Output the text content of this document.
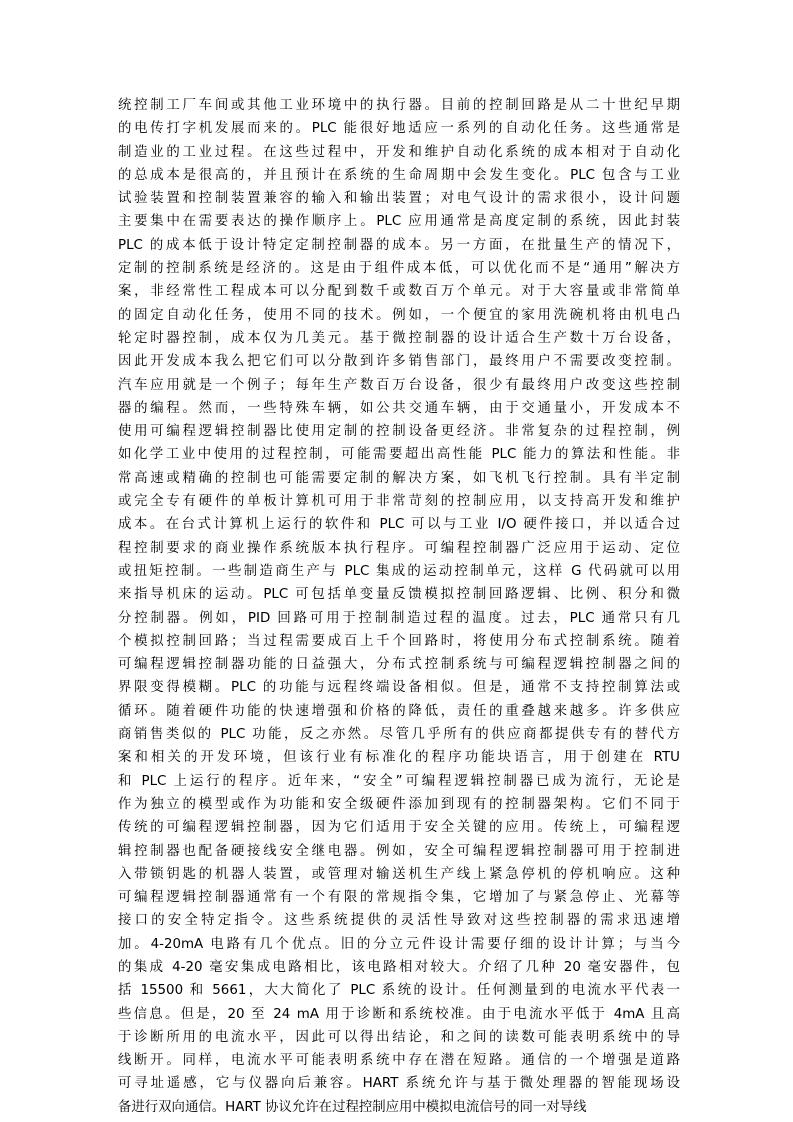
统控制工厂车间或其他工业环境中的执行器。目前的控制回路是从二十世纪早期
的电传打字机发展而来的。PLC 能很好地适应一系列的自动化任务。这些通常是
制造业的工业过程。在这些过程中，开发和维护自动化系统的成本相对于自动化
的总成本是很高的，并且预计在系统的生命周期中会发生变化。PLC 包含与工业
试验装置和控制装置兼容的输入和输出装置；对电气设计的需求很小，设计问题
主要集中在需要表达的操作顺序上。PLC 应用通常是高度定制的系统，因此封装
PLC 的成本低于设计特定定制控制器的成本。另一方面，在批量生产的情况下，
定制的控制系统是经济的。这是由于组件成本低，可以优化而不是“通用”解决方
案，非经常性工程成本可以分配到数千或数百万个单元。对于大容量或非常简单
的固定自动化任务，使用不同的技术。例如，一个便宜的家用洗碗机将由机电凸
轮定时器控制，成本仅为几美元。基于微控制器的设计适合生产数十万台设备，
因此开发成本我么把它们可以分散到许多销售部门，最终用户不需要改变控制。
汽车应用就是一个例子；每年生产数百万台设备，很少有最终用户改变这些控制
器的编程。然而，一些特殊车辆，如公共交通车辆，由于交通量小，开发成本不
使用可编程逻辑控制器比使用定制的控制设备更经济。非常复杂的过程控制，例
如化学工业中使用的过程控制，可能需要超出高性能 PLC 能力的算法和性能。非
常高速或精确的控制也可能需要定制的解决方案，如飞机飞行控制。具有半定制
或完全专有硬件的单板计算机可用于非常苛刻的控制应用，以支持高开发和维护
成本。在台式计算机上运行的软件和 PLC 可以与工业 I/O 硬件接口，并以适合过
程控制要求的商业操作系统版本执行程序。可编程控制器广泛应用于运动、定位
或扭矩控制。一些制造商生产与 PLC 集成的运动控制单元，这样 G 代码就可以用
来指导机床的运动。PLC 可包括单变量反馈模拟控制回路逻辑、比例、积分和微
分控制器。例如，PID 回路可用于控制制造过程的温度。过去，PLC 通常只有几
个模拟控制回路；当过程需要成百上千个回路时，将使用分布式控制系统。随着
可编程逻辑控制器功能的日益强大，分布式控制系统与可编程逻辑控制器之间的
界限变得模糊。PLC 的功能与远程终端设备相似。但是，通常不支持控制算法或
循环。随着硬件功能的快速增强和价格的降低，责任的重叠越来越多。许多供应
商销售类似的 PLC 功能，反之亦然。尽管几乎所有的供应商都提供专有的替代方
案和相关的开发环境，但该行业有标准化的程序功能块语言，用于创建在 RTU
和 PLC 上运行的程序。近年来，“安全”可编程逻辑控制器已成为流行，无论是
作为独立的模型或作为功能和安全级硬件添加到现有的控制器架构。它们不同于
传统的可编程逻辑控制器，因为它们适用于安全关键的应用。传统上，可编程逻
辑控制器也配备硬接线安全继电器。例如，安全可编程逻辑控制器可用于控制进
入带锁钥匙的机器人装置，或管理对输送机生产线上紧急停机的停机响应。这种
可编程逻辑控制器通常有一个有限的常规指令集，它增加了与紧急停止、光幕等
接口的安全特定指令。这些系统提供的灵活性导致对这些控制器的需求迅速增
加。4-20mA 电路有几个优点。旧的分立元件设计需要仔细的设计计算；与当今
的集成 4-20 毫安集成电路相比，该电路相对较大。介绍了几种 20 毫安器件，包
括 15500 和 5661，大大简化了 PLC 系统的设计。任何测量到的电流水平代表一
些信息。但是，20 至 24 mA 用于诊断和系统校准。由于电流水平低于 4mA 且高
于诊断所用的电流水平，因此可以得出结论，和之间的读数可能表明系统中的导
线断开。同样，电流水平可能表明系统中存在潜在短路。通信的一个增强是道路
可寻址遥感，它与仪器向后兼容。HART 系统允许与基于微处理器的智能现场设
备进行双向通信。HART 协议允许在过程控制应用中模拟电流信号的同一对导线
